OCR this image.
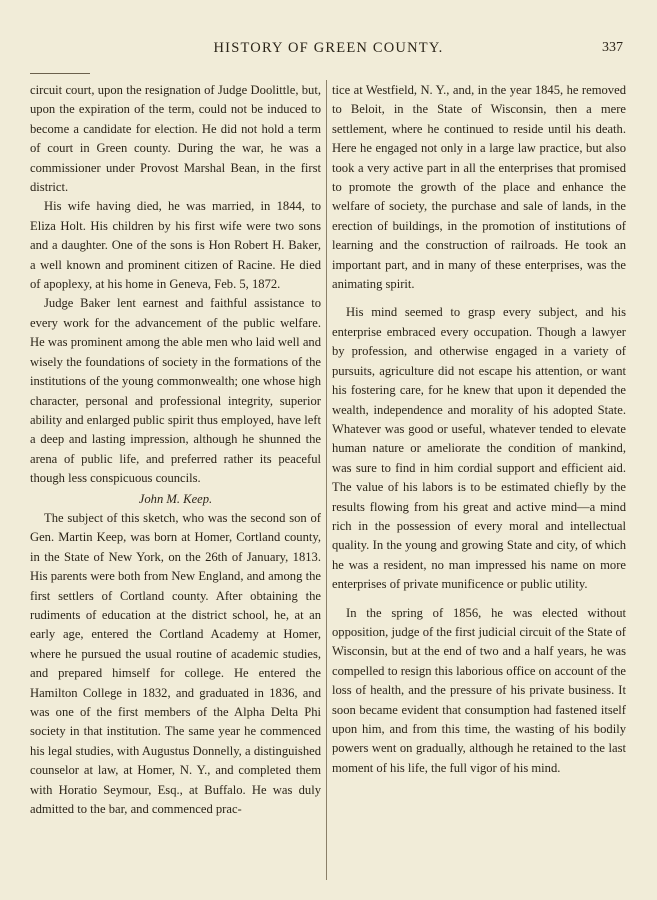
HISTORY OF GREEN COUNTY.	337

circuit court, upon the resignation of Judge Doolittle, but, upon the expiration of the term, could not be induced to become a candidate for election. He did not hold a term of court in Green county. During the war, he was a commissioner under Provost Marshal Bean, in the first district.

His wife having died, he was married, in 1844, to Eliza Holt. His children by his first wife were two sons and a daughter. One of the sons is Hon Robert H. Baker, a well known and prominent citizen of Racine. He died of apoplexy, at his home in Geneva, Feb. 5, 1872.

Judge Baker lent earnest and faithful assistance to every work for the advancement of the public welfare. He was prominent among the able men who laid well and wisely the foundations of society in the formations of the institutions of the young commonwealth; one whose high character, personal and professional integrity, superior ability and enlarged public spirit thus employed, have left a deep and lasting impression, although he shunned the arena of public life, and preferred rather its peaceful though less conspicuous councils.

John M. Keep.

The subject of this sketch, who was the second son of Gen. Martin Keep, was born at Homer, Cortland county, in the State of New York, on the 26th of January, 1813. His parents were both from New England, and among the first settlers of Cortland county. After obtaining the rudiments of education at the district school, he, at an early age, entered the Cortland Academy at Homer, where he pursued the usual routine of academic studies, and prepared himself for college. He entered the Hamilton College in 1832, and graduated in 1836, and was one of the first members of the Alpha Delta Phi society in that institution. The same year he commenced his legal studies, with Augustus Donnelly, a distinguished counselor at law, at Homer, N. Y., and completed them with Horatio Seymour, Esq., at Buffalo. He was duly admitted to the bar, and commenced prac-

tice at Westfield, N. Y., and, in the year 1845, he removed to Beloit, in the State of Wisconsin, then a mere settlement, where he continued to reside until his death. Here he engaged not only in a large law practice, but also took a very active part in all the enterprises that promised to promote the growth of the place and enhance the welfare of society, the purchase and sale of lands, in the erection of buildings, in the promotion of institutions of learning and the construction of railroads. He took an important part, and in many of these enterprises, was the animating spirit.

His mind seemed to grasp every subject, and his enterprise embraced every occupation. Though a lawyer by profession, and otherwise engaged in a variety of pursuits, agriculture did not escape his attention, or want his fostering care, for he knew that upon it depended the wealth, independence and morality of his adopted State. Whatever was good or useful, whatever tended to elevate human nature or ameliorate the condition of mankind, was sure to find in him cordial support and efficient aid. The value of his labors is to be estimated chiefly by the results flowing from his great and active mind—a mind rich in the possession of every moral and intellectual quality. In the young and growing State and city, of which he was a resident, no man impressed his name on more enterprises of private munificence or public utility.

In the spring of 1856, he was elected without opposition, judge of the first judicial circuit of the State of Wisconsin, but at the end of two and a half years, he was compelled to resign this laborious office on account of the loss of health, and the pressure of his private business. It soon became evident that consumption had fastened itself upon him, and from this time, the wasting of his bodily powers went on gradually, although he retained to the last moment of his life, the full vigor of his mind.
